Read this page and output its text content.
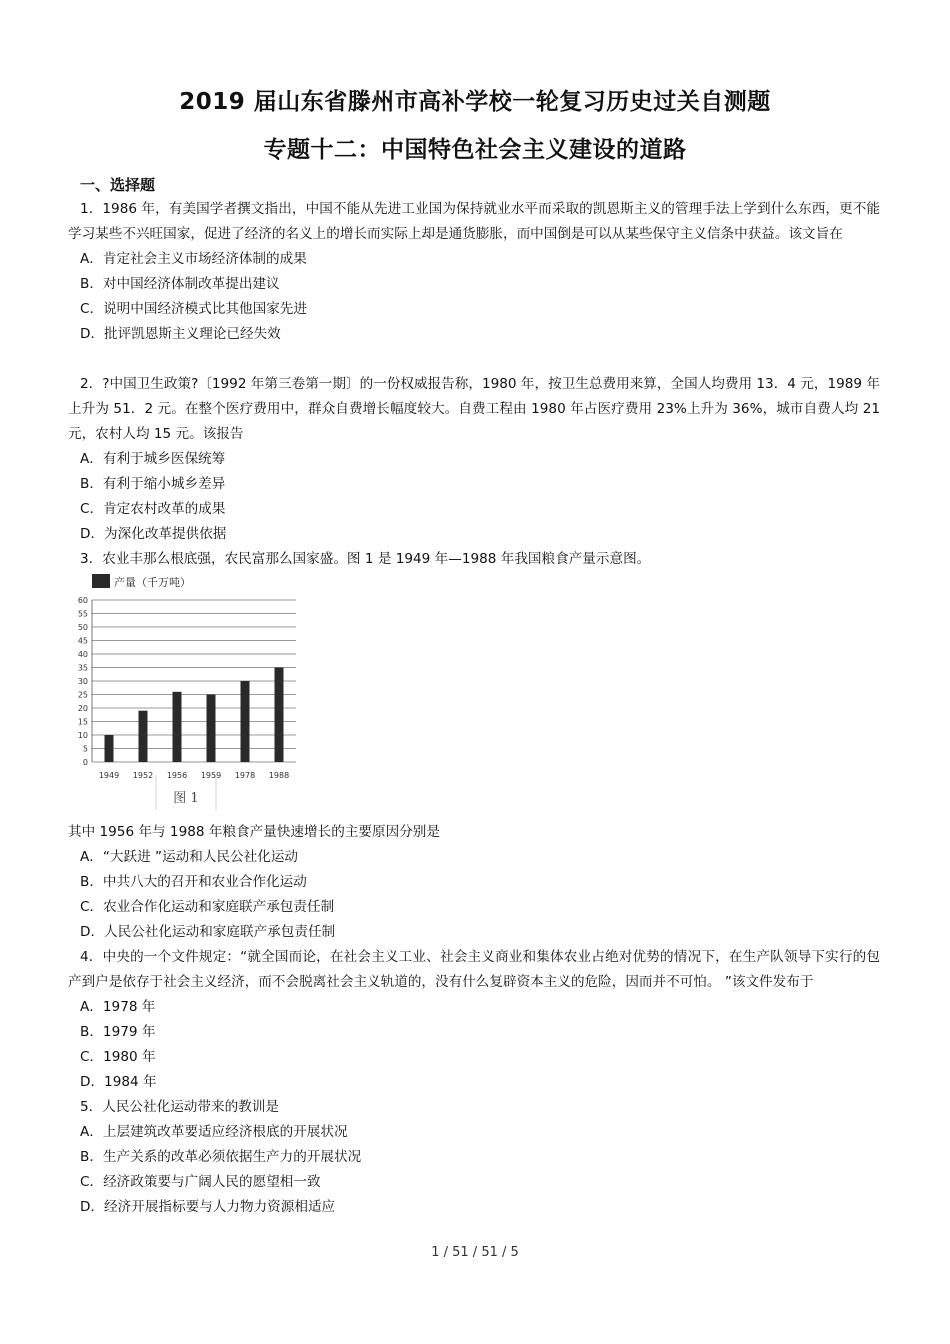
2019 届山东省滕州市高补学校一轮复习历史过关自测题
专题十二：中国特色社会主义建设的道路
一、选择题
1．1986 年，有美国学者撰文指出，中国不能从先进工业国为保持就业水平而采取的凯恩斯主义的管理手法上学到什么东西，更不能学习某些不兴旺国家，促进了经济的名义上的增长而实际上却是通货膨胀，而中国倒是可以从某些保守主义信条中获益。该文旨在
A．肯定社会主义市场经济体制的成果
B．对中国经济体制改革提出建议
C．说明中国经济模式比其他国家先进
D．批评凯恩斯主义理论已经失效
2．?中国卫生政策?〔1992 年第三卷第一期〕的一份权威报告称，1980 年，按卫生总费用来算，全国人均费用 13．4 元，1989 年上升为 51．2 元。在整个医疗费用中，群众自费增长幅度较大。自费工程由 1980 年占医疗费用 23%上升为 36%，城市自费人均 21 元，农村人均 15 元。该报告
A．有利于城乡医保统筹
B．有利于缩小城乡差异
C．肯定农村改革的成果
D．为深化改革提供依据
3．农业丰那么根底强，农民富那么国家盛。图 1 是 1949 年—1988 年我国粮食产量示意图。
产量（千万吨）
0
5
10
15
20
25
30
35
40
45
50
55
60
1949 1952 1956 1959 1978 1988
图 1
其中 1956 年与 1988 年粮食产量快速增长的主要原因分别是
A．“大跃进 ”运动和人民公社化运动
B．中共八大的召开和农业合作化运动
C．农业合作化运动和家庭联产承包责任制
D．人民公社化运动和家庭联产承包责任制
4．中央的一个文件规定：“就全国而论，在社会主义工业、社会主义商业和集体农业占绝对优势的情况下，在生产队领导下实行的包产到户是依存于社会主义经济，而不会脱离社会主义轨道的，没有什么复辟资本主义的危险，因而并不可怕。 ”该文件发布于
A．1978 年
B．1979 年
C．1980 年
D．1984 年
5．人民公社化运动带来的教训是
A．上层建筑改革要适应经济根底的开展状况
B．生产关系的改革必须依据生产力的开展状况
C．经济政策要与广阔人民的愿望相一致
D．经济开展指标要与人力物力资源相适应
1 / 51 / 51 / 5
